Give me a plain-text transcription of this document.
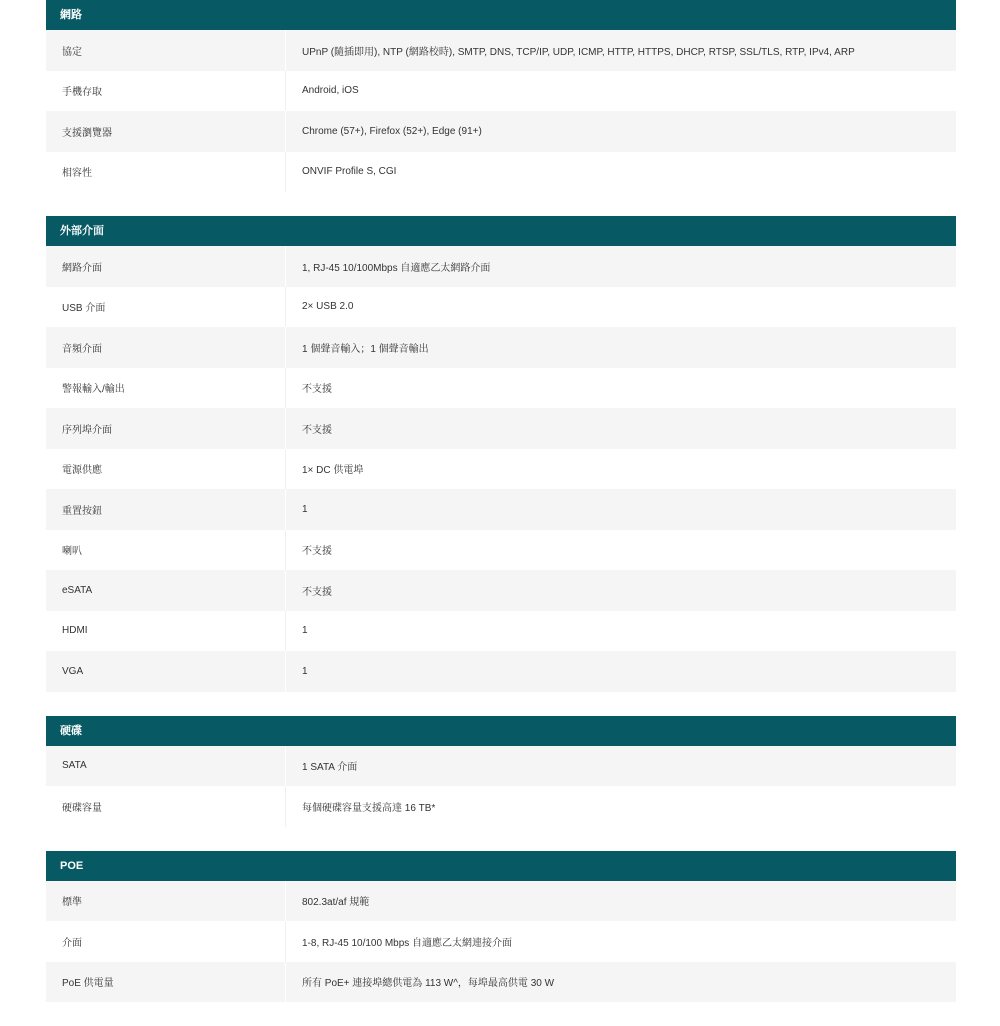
網路
協定	UPnP (隨插即用), NTP (網路校時), SMTP, DNS, TCP/IP, UDP, ICMP, HTTP, HTTPS, DHCP, RTSP, SSL/TLS, RTP, IPv4, ARP
手機存取	Android, iOS
支援瀏覽器	Chrome (57+), Firefox (52+), Edge (91+)
相容性	ONVIF Profile S, CGI
外部介面
網路介面	1, RJ-45 10/100Mbps 自適應乙太網路介面
USB 介面	2× USB 2.0
音頻介面	1 個聲音輸入；1 個聲音輸出
警報輸入/輸出	不支援
序列埠介面	不支援
電源供應	1× DC 供電埠
重置按鈕	1
喇叭	不支援
eSATA	不支援
HDMI	1
VGA	1
硬碟
SATA	1 SATA 介面
硬碟容量	每個硬碟容量支援高達 16 TB*
POE
標準	802.3at/af 規範
介面	1-8, RJ-45 10/100 Mbps 自適應乙太網連接介面
PoE 供電量	所有 PoE+ 連接埠總供電為 113 W^，每埠最高供電 30 W
